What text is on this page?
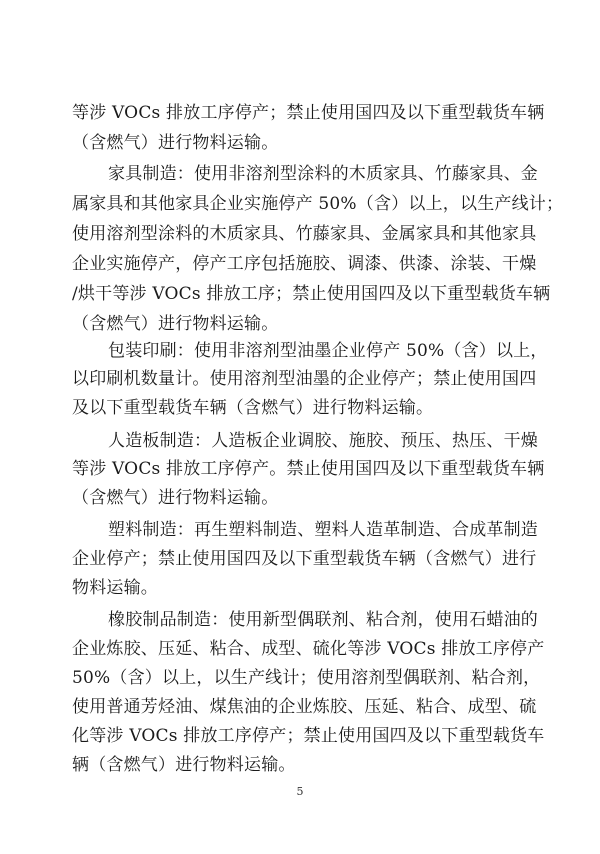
等涉 VOCs 排放工序停产；禁止使用国四及以下重型载货车辆
（含燃气）进行物料运输。
家具制造：使用非溶剂型涂料的木质家具、竹藤家具、金
属家具和其他家具企业实施停产 50%（含）以上，以生产线计；
使用溶剂型涂料的木质家具、竹藤家具、金属家具和其他家具
企业实施停产，停产工序包括施胶、调漆、供漆、涂装、干燥
/烘干等涉 VOCs 排放工序；禁止使用国四及以下重型载货车辆
（含燃气）进行物料运输。
包装印刷：使用非溶剂型油墨企业停产 50%（含）以上，
以印刷机数量计。使用溶剂型油墨的企业停产；禁止使用国四
及以下重型载货车辆（含燃气）进行物料运输。
人造板制造：人造板企业调胶、施胶、预压、热压、干燥
等涉 VOCs 排放工序停产。禁止使用国四及以下重型载货车辆
（含燃气）进行物料运输。
塑料制造：再生塑料制造、塑料人造革制造、合成革制造
企业停产；禁止使用国四及以下重型载货车辆（含燃气）进行
物料运输。
橡胶制品制造：使用新型偶联剂、粘合剂，使用石蜡油的
企业炼胶、压延、粘合、成型、硫化等涉 VOCs 排放工序停产
50%（含）以上，以生产线计；使用溶剂型偶联剂、粘合剂，
使用普通芳烃油、煤焦油的企业炼胶、压延、粘合、成型、硫
化等涉 VOCs 排放工序停产；禁止使用国四及以下重型载货车
辆（含燃气）进行物料运输。
5
